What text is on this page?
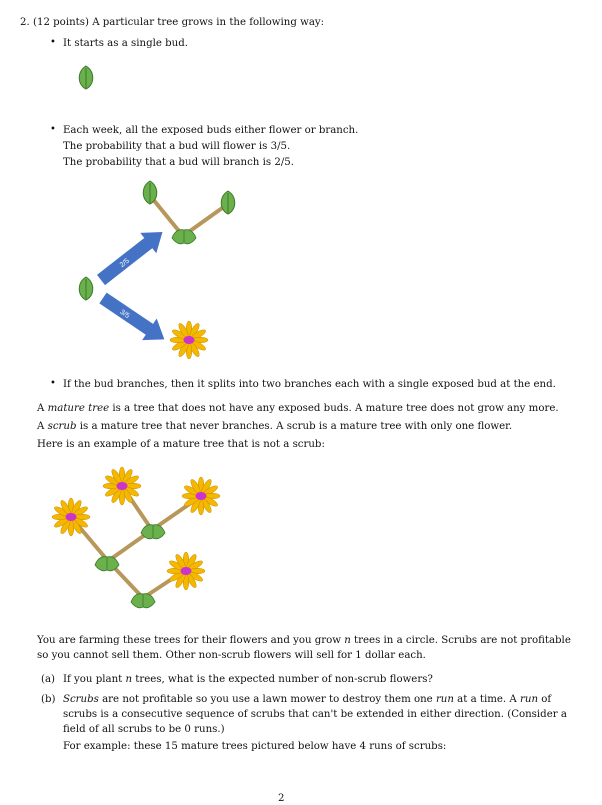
2. (12 points) A particular tree grows in the following way:
• It starts as a single bud.
• Each week, all the exposed buds either flower or branch.
The probability that a bud will flower is 3/5.
The probability that a bud will branch is 2/5.
• If the bud branches, then it splits into two branches each with a single exposed bud at the end.
A mature tree is a tree that does not have any exposed buds. A mature tree does not grow any more.
A scrub is a mature tree that never branches. A scrub is a mature tree with only one flower.
Here is an example of a mature tree that is not a scrub:
You are farming these trees for their flowers and you grow n trees in a circle. Scrubs are not profitable
so you cannot sell them. Other non-scrub flowers will sell for 1 dollar each.
(a) If you plant n trees, what is the expected number of non-scrub flowers?
(b) Scrubs are not profitable so you use a lawn mower to destroy them one run at a time. A run of
scrubs is a consecutive sequence of scrubs that can't be extended in either direction. (Consider a
field of all scrubs to be 0 runs.)
For example: these 15 mature trees pictured below have 4 runs of scrubs:
2
2/5
3/5
